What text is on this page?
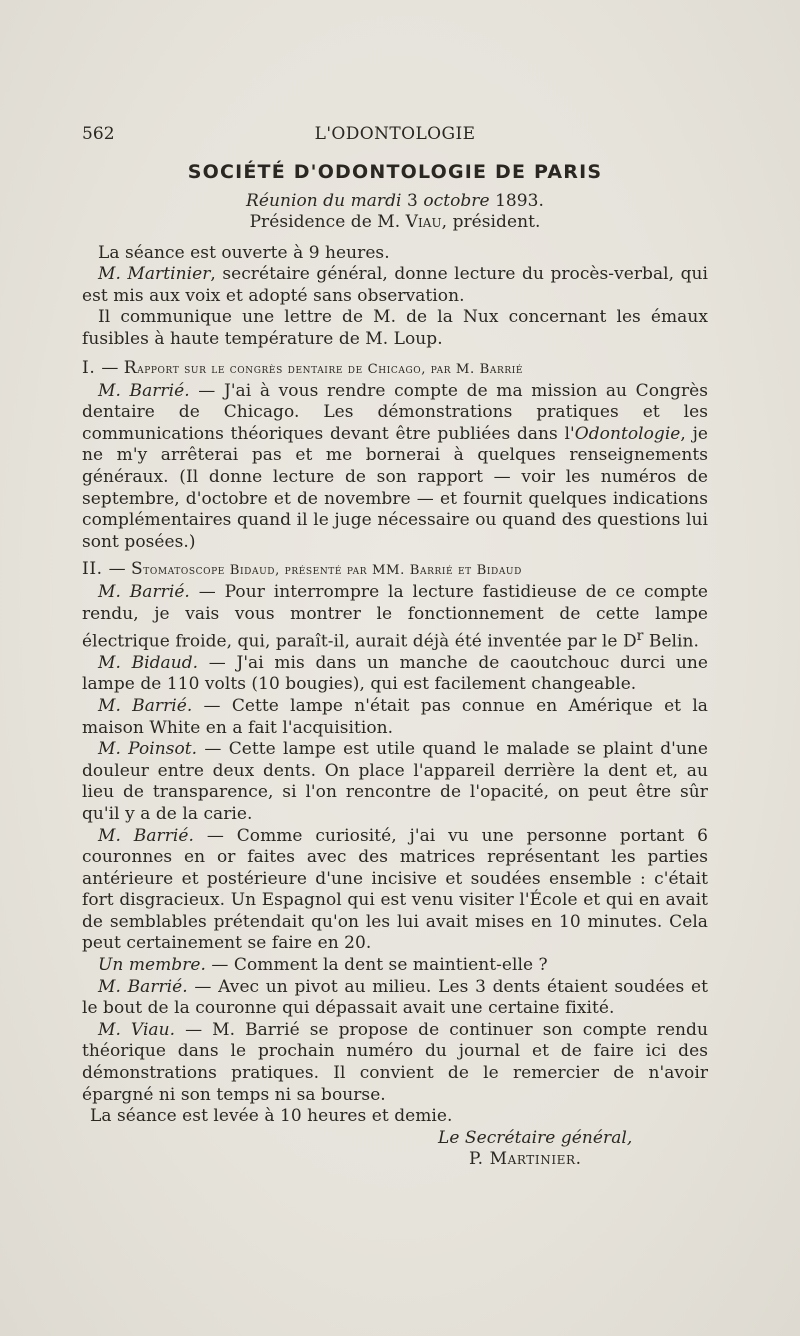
562	L'ODONTOLOGIE
SOCIÉTÉ D'ODONTOLOGIE DE PARIS
Réunion du mardi 3 octobre 1893.
Présidence de M. Viau, président.

La séance est ouverte à 9 heures.

M. Martinier, secrétaire général, donne lecture du procès-verbal, qui est mis aux voix et adopté sans observation.

Il communique une lettre de M. de la Nux concernant les émaux fusibles à haute température de M. Loup.

I. — Rapport sur le congrès dentaire de Chicago, par M. Barrié

M. Barrié. — J'ai à vous rendre compte de ma mission au Congrès dentaire de Chicago. Les démonstrations pratiques et les communications théoriques devant être publiées dans l'Odontologie, je ne m'y arrêterai pas et me bornerai à quelques renseignements généraux. (Il donne lecture de son rapport — voir les numéros de septembre, d'octobre et de novembre — et fournit quelques indications complémentaires quand il le juge nécessaire ou quand des questions lui sont posées.)

II. — Stomatoscope Bidaud, présenté par MM. Barrié et Bidaud

M. Barrié. — Pour interrompre la lecture fastidieuse de ce compte rendu, je vais vous montrer le fonctionnement de cette lampe électrique froide, qui, paraît-il, aurait déjà été inventée par le $D^r$ Belin.

M. Bidaud. — J'ai mis dans un manche de caoutchouc durci une lampe de 110 volts (10 bougies), qui est facilement changeable.

M. Barrié. — Cette lampe n'était pas connue en Amérique et la maison White en a fait l'acquisition.

M. Poinsot. — Cette lampe est utile quand le malade se plaint d'une douleur entre deux dents. On place l'appareil derrière la dent et, au lieu de transparence, si l'on rencontre de l'opacité, on peut être sûr qu'il y a de la carie.

M. Barrié. — Comme curiosité, j'ai vu une personne portant 6 couronnes en or faites avec des matrices représentant les parties antérieure et postérieure d'une incisive et soudées ensemble : c'était fort disgracieux. Un Espagnol qui est venu visiter l'École et qui en avait de semblables prétendait qu'on les lui avait mises en 10 minutes. Cela peut certainement se faire en 20.

Un membre. — Comment la dent se maintient-elle ?

M. Barrié. — Avec un pivot au milieu. Les 3 dents étaient soudées et le bout de la couronne qui dépassait avait une certaine fixité.

M. Viau. — M. Barrié se propose de continuer son compte rendu théorique dans le prochain numéro du journal et de faire ici des démonstrations pratiques. Il convient de le remercier de n'avoir épargné ni son temps ni sa bourse.

La séance est levée à 10 heures et demie.

Le Secrétaire général,
P. Martinier.
